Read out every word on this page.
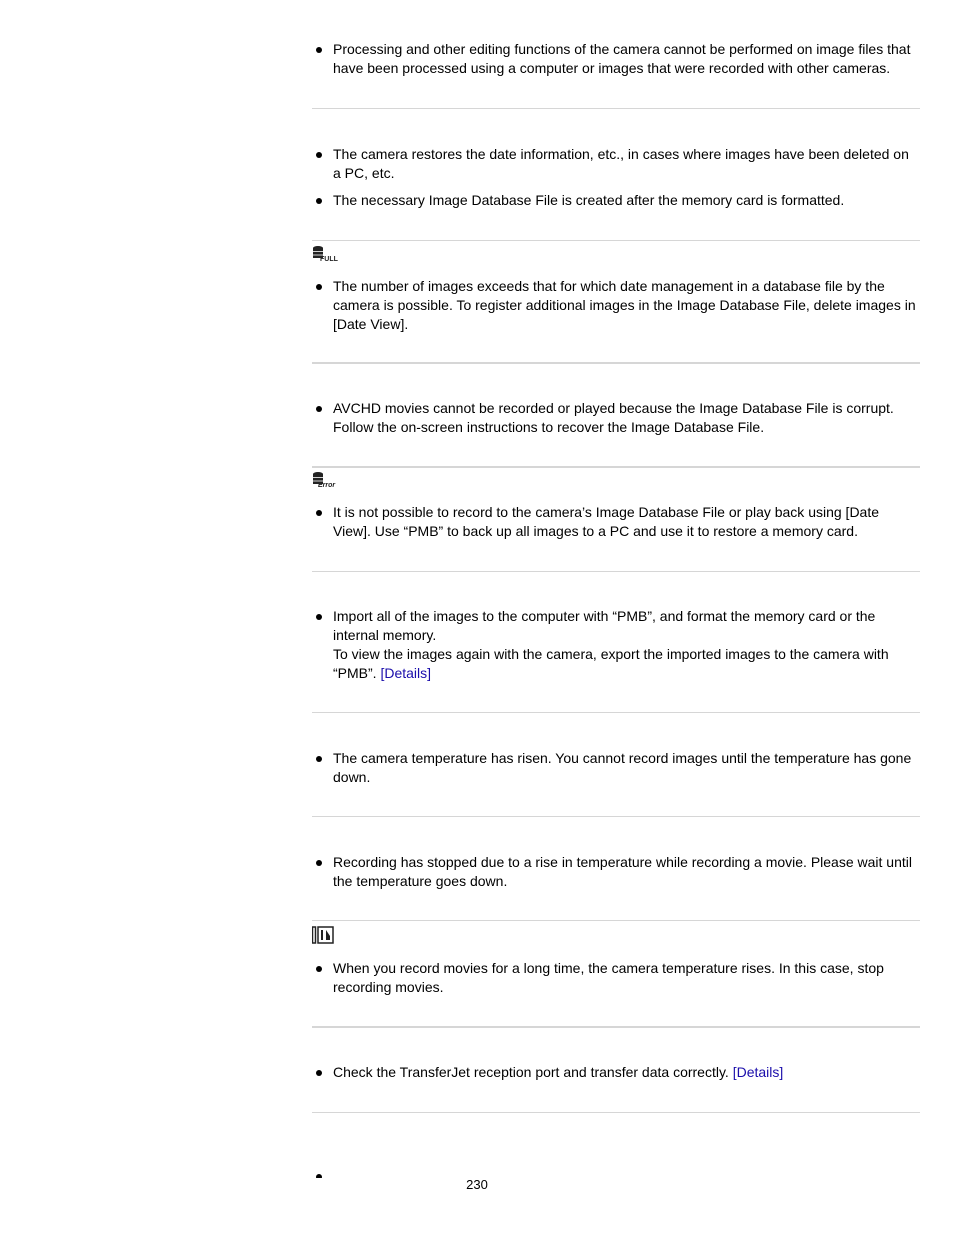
Processing and other editing functions of the camera cannot be performed on image files that have been processed using a computer or images that were recorded with other cameras.
The camera restores the date information, etc., in cases where images have been deleted on a PC, etc.
The necessary Image Database File is created after the memory card is formatted.
FULL
The number of images exceeds that for which date management in a database file by the camera is possible. To register additional images in the Image Database File, delete images in [Date View].
AVCHD movies cannot be recorded or played because the Image Database File is corrupt. Follow the on-screen instructions to recover the Image Database File.
Error
It is not possible to record to the camera’s Image Database File or play back using [Date View]. Use “PMB” to back up all images to a PC and use it to restore a memory card.
Import all of the images to the computer with “PMB”, and format the memory card or the internal memory.
To view the images again with the camera, export the imported images to the camera with “PMB”. [Details]
The camera temperature has risen. You cannot record images until the temperature has gone down.
Recording has stopped due to a rise in temperature while recording a movie. Please wait until the temperature goes down.
When you record movies for a long time, the camera temperature rises. In this case, stop recording movies.
Check the TransferJet reception port and transfer data correctly. [Details]
230
